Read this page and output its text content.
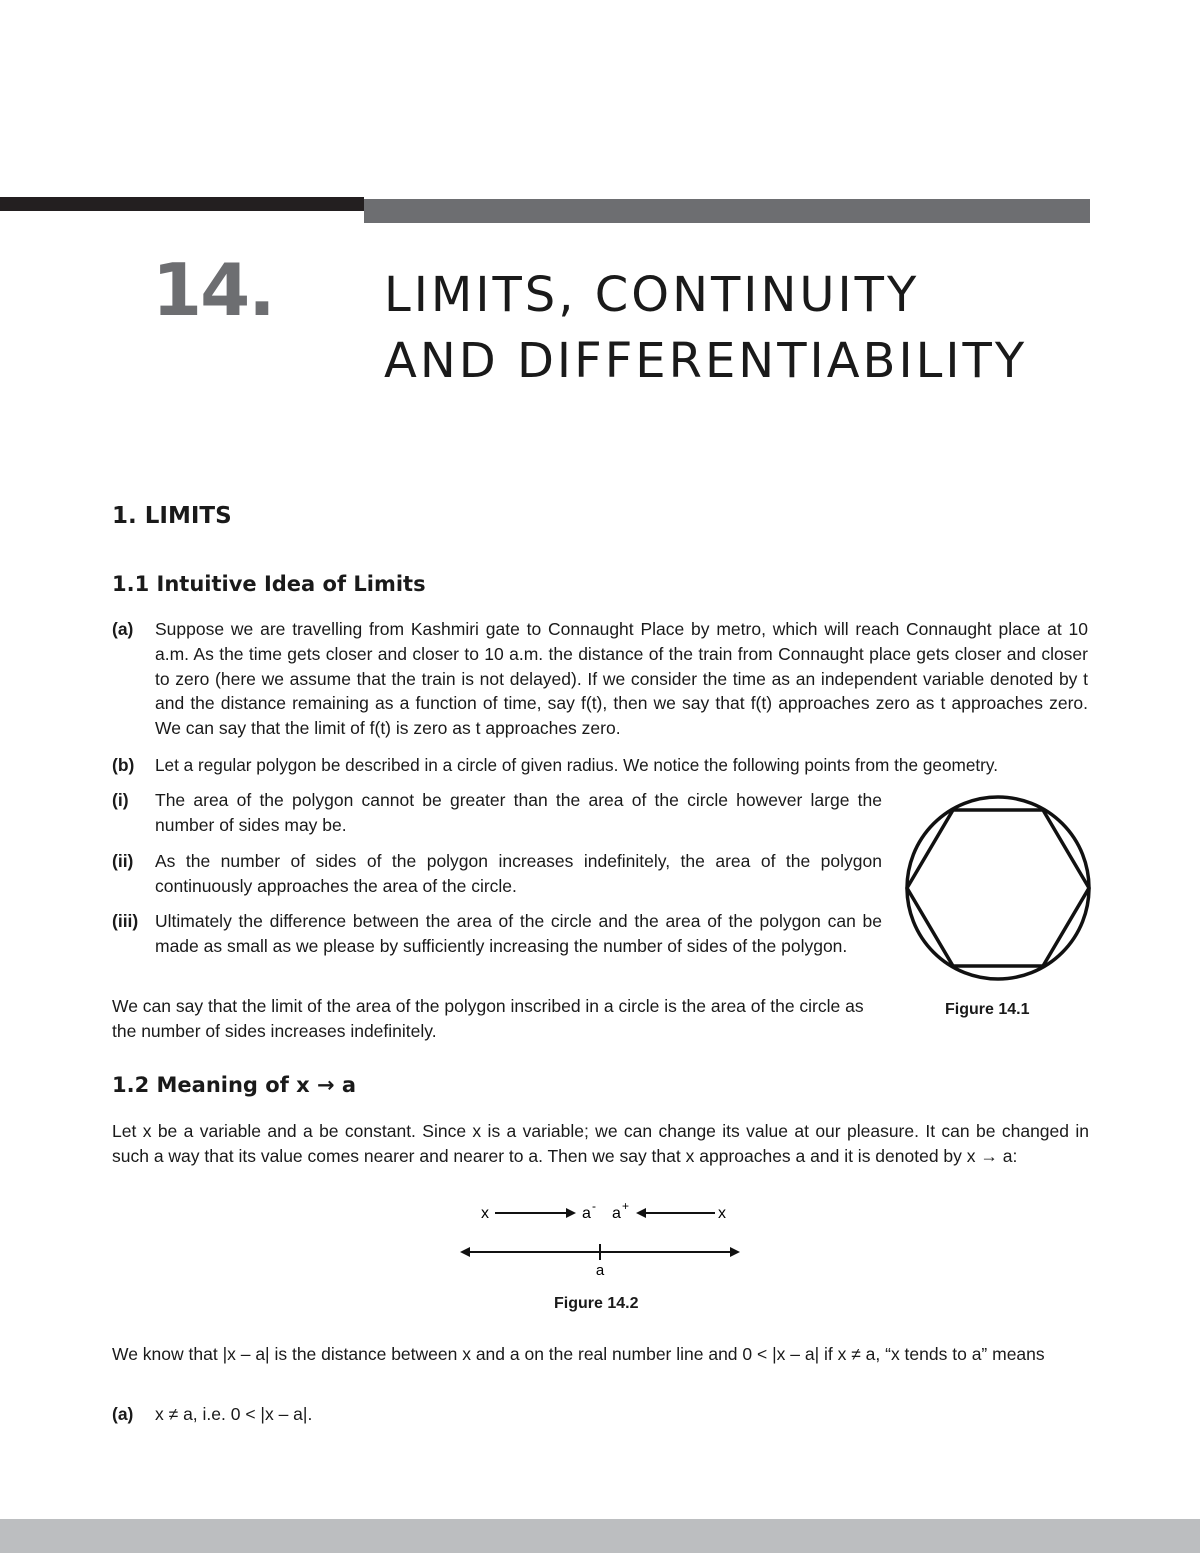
14. LIMITS, CONTINUITY
AND DIFFERENTIABILITY
1. LIMITS
1.1 Intuitive Idea of Limits
(a) Suppose we are travelling from Kashmiri gate to Connaught Place by metro, which will reach Connaught place at 10 a.m. As the time gets closer and closer to 10 a.m. the distance of the train from Connaught place gets closer and closer to zero (here we assume that the train is not delayed). If we consider the time as an independent variable denoted by t and the distance remaining as a function of time, say f(t), then we say that f(t) approaches zero as t approaches zero. We can say that the limit of f(t) is zero as t approaches zero.

(b) Let a regular polygon be described in a circle of given radius. We notice the following points from the geometry.

(i) The area of the polygon cannot be greater than the area of the circle however large the number of sides may be.

(ii) As the number of sides of the polygon increases indefinitely, the area of the polygon continuously approaches the area of the circle.

(iii) Ultimately the difference between the area of the circle and the area of the polygon can be made as small as we please by sufficiently increasing the number of sides of the polygon.

We can say that the limit of the area of the polygon inscribed in a circle is the area of the circle as the number of sides increases indefinitely.

Figure 14.1
1.2 Meaning of x → a

Let x be a variable and a be constant. Since x is a variable; we can change its value at our pleasure. It can be changed in such a way that its value comes nearer and nearer to a. Then we say that x approaches a and it is denoted by x → a:

x	a - a +	x
a
Figure 14.2

We know that |x – a| is the distance between x and a on the real number line and 0 < |x – a| if x ≠ a, “x tends to a” means

(a) x ≠ a, i.e. 0 < |x – a|.
